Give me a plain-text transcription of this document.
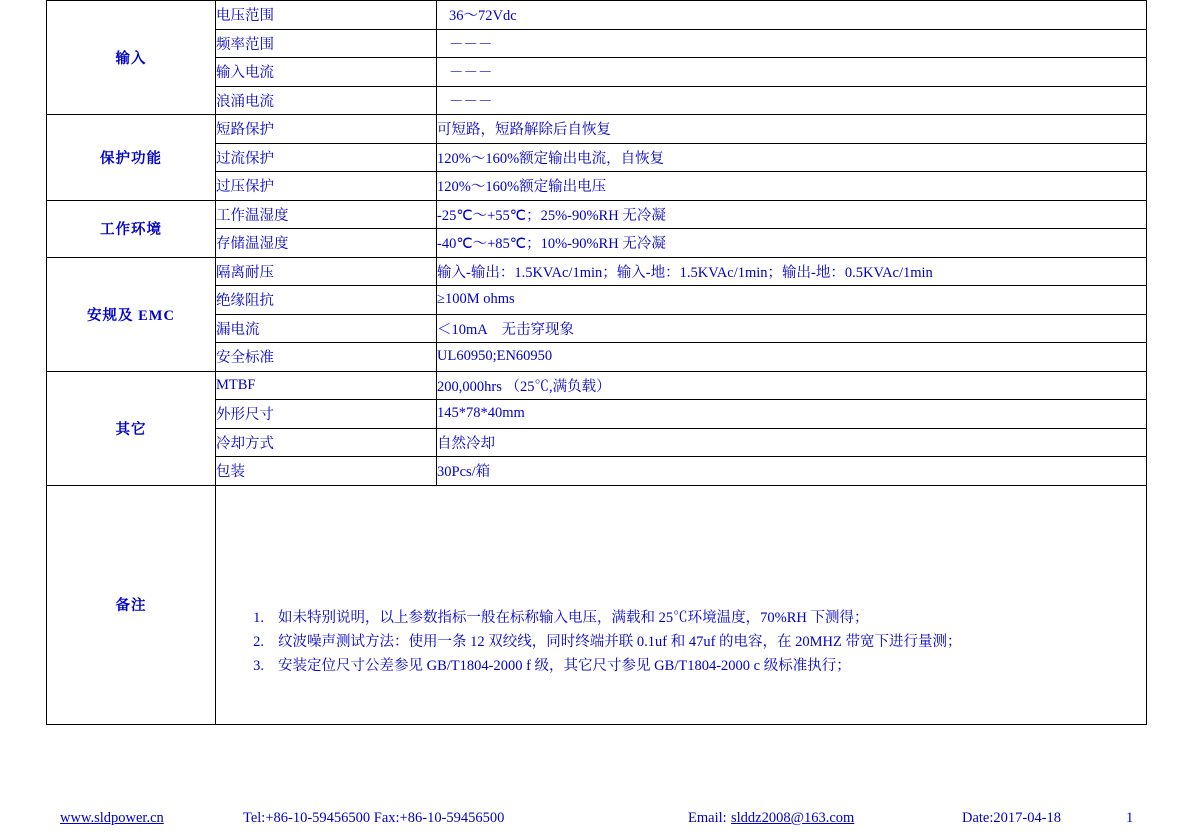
输入	电压范围	36～72Vdc
	频率范围	－－－
	输入电流	－－－
	浪涌电流	－－－
保护功能	短路保护	可短路，短路解除后自恢复
	过流保护	120%～160%额定输出电流，自恢复
	过压保护	120%～160%额定输出电压
工作环境	工作温湿度	-25℃～+55℃；25%-90%RH 无冷凝
	存储温湿度	-40℃～+85℃；10%-90%RH 无冷凝
安规及 EMC	隔离耐压	输入-输出：1.5KVAc/1min；输入-地：1.5KVAc/1min；输出-地：0.5KVAc/1min
	绝缘阻抗	≥100M ohms
	漏电流	＜10mA　无击穿现象
	安全标准	UL60950;EN60950
其它	MTBF	200,000hrs （25℃,满负载）
	外形尺寸	145*78*40mm
	冷却方式	自然冷却
	包装	30Pcs/箱
备注	
1. 如未特别说明，以上参数指标一般在标称输入电压，满载和 25℃环境温度，70%RH 下测得；
2. 纹波噪声测试方法：使用一条 12 双绞线，同时终端并联 0.1uf 和 47uf 的电容，在 20MHZ 带宽下进行量测；
3. 安装定位尺寸公差参见 GB/T1804-2000 f 级，其它尺寸参见 GB/T1804-2000 c 级标准执行；
www.sldpower.cn	Tel:+86-10-59456500 Fax:+86-10-59456500	Email: slddz2008@163.com	Date:2017-04-18	1
